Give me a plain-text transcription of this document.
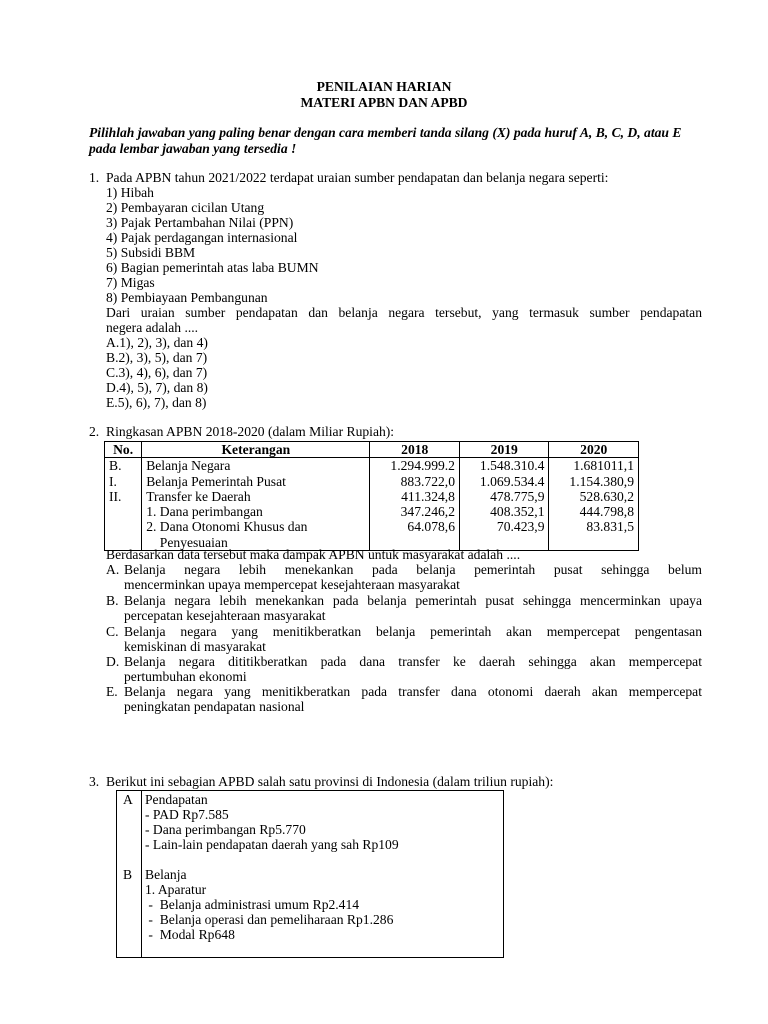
PENILAIAN HARIAN
MATERI APBN DAN APBD
Pilihlah jawaban yang paling benar dengan cara memberi tanda silang (X) pada huruf A, B, C, D, atau E pada lembar jawaban yang tersedia !
1. Pada APBN tahun 2021/2022 terdapat uraian sumber pendapatan dan belanja negara seperti:
1) Hibah
2) Pembayaran cicilan Utang
3) Pajak Pertambahan Nilai (PPN)
4) Pajak perdagangan internasional
5) Subsidi BBM
6) Bagian pemerintah atas laba BUMN
7) Migas
8) Pembiayaan Pembangunan
Dari uraian sumber pendapatan dan belanja negara tersebut, yang termasuk sumber pendapatan
negera adalah ....
A.1), 2), 3), dan 4)
B.2), 3), 5), dan 7)
C.3), 4), 6), dan 7)
D.4), 5), 7), dan 8)
E.5), 6), 7), dan 8)
2. Ringkasan APBN 2018-2020 (dalam Miliar Rupiah):
No.	Keterangan	2018	2019	2020
B.	Belanja Negara	1.294.999.2	1.548.310.4	1.681011,1
I.	Belanja Pemerintah Pusat	883.722,0	1.069.534.4	1.154.380,9
II.	Transfer ke Daerah	411.324,8	478.775,9	528.630,2
	1. Dana perimbangan	347.246,2	408.352,1	444.798,8
	2. Dana Otonomi Khusus dan	64.078,6	70.423,9	83.831,5
	Penyesuaian			
Berdasarkan data tersebut maka dampak APBN untuk masyarakat adalah ....
A. Belanja negara lebih menekankan pada belanja pemerintah pusat sehingga belum
mencerminkan upaya mempercepat kesejahteraan masyarakat
B. Belanja negara lebih menekankan pada belanja pemerintah pusat sehingga mencerminkan upaya
percepatan kesejahteraan masyarakat
C. Belanja negara yang menitikberatkan belanja pemerintah akan mempercepat pengentasan
kemiskinan di masyarakat
D. Belanja negara dititikberatkan pada dana transfer ke daerah sehingga akan mempercepat
pertumbuhan ekonomi
E. Belanja negara yang menitikberatkan pada transfer dana otonomi daerah akan mempercepat
peningkatan pendapatan nasional
3. Berikut ini sebagian APBD salah satu provinsi di Indonesia (dalam triliun rupiah):
A Pendapatan
- PAD Rp7.585
- Dana perimbangan Rp5.770
- Lain-lain pendapatan daerah yang sah Rp109
B Belanja
1. Aparatur
-  Belanja administrasi umum Rp2.414
-  Belanja operasi dan pemeliharaan Rp1.286
-  Modal Rp648
